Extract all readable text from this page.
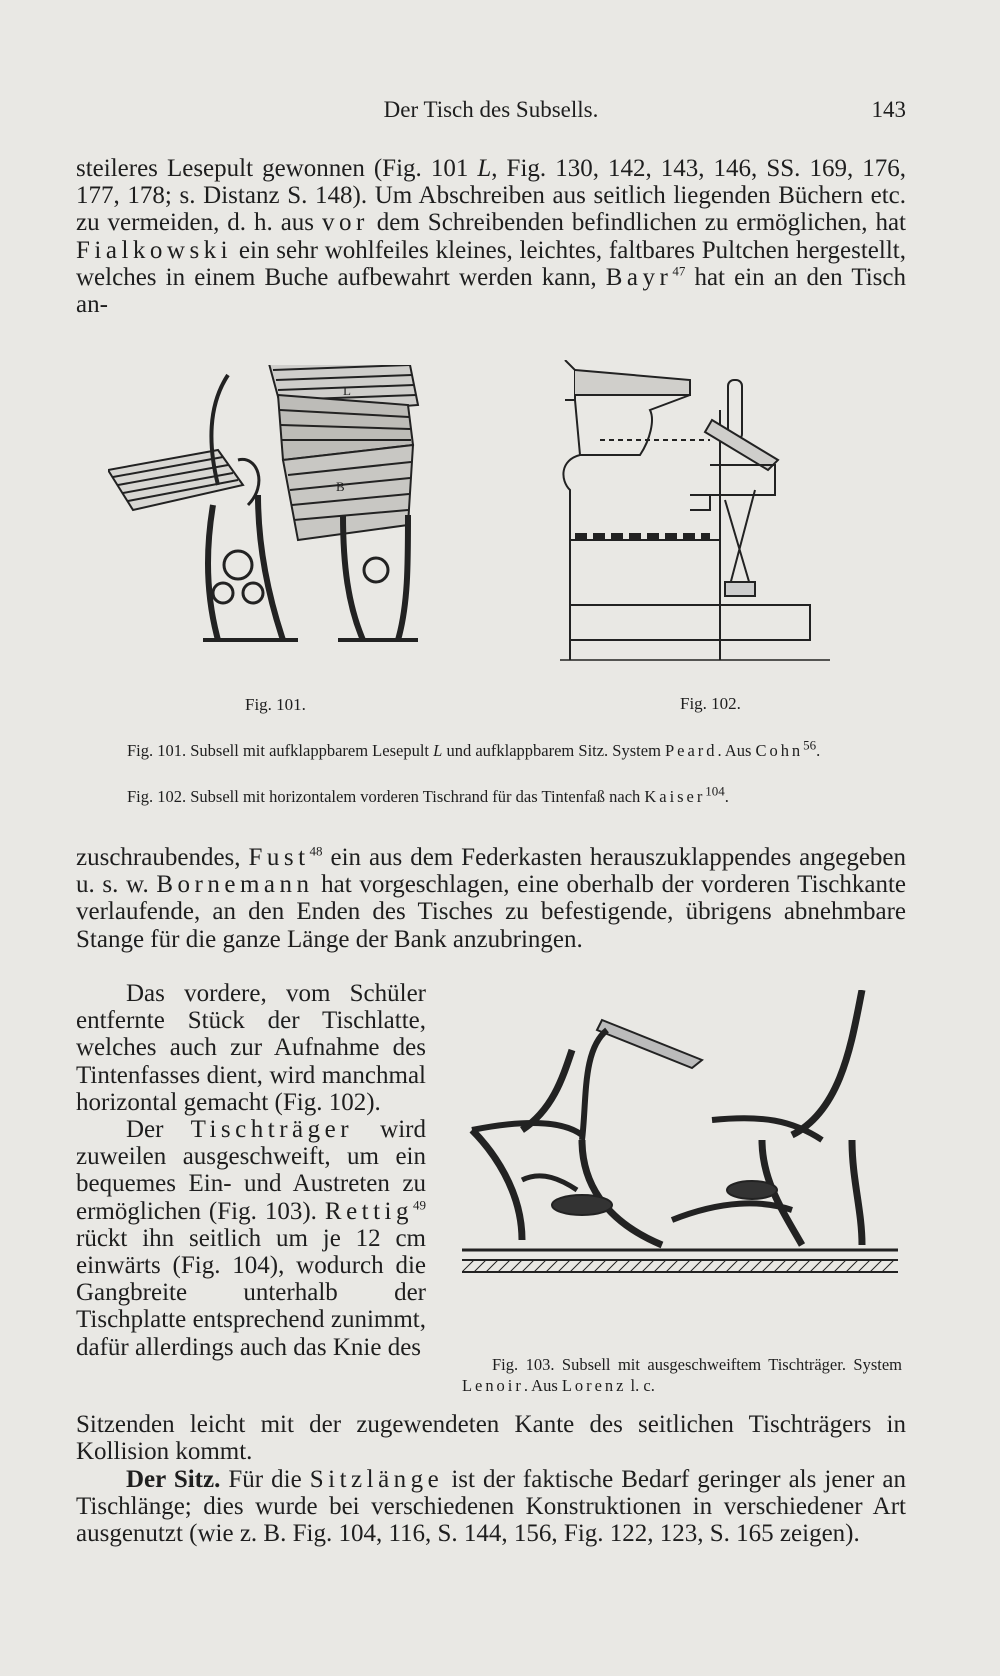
Der Tisch des Subsells.	143

steileres Lesepult gewonnen (Fig. 101 L, Fig. 130, 142, 143, 146, SS. 169, 176, 177, 178; s. Distanz S. 148). Um Abschreiben aus seitlich liegenden Büchern etc. zu vermeiden, d. h. aus vor dem Schreibenden befindlichen zu ermöglichen, hat Fialkowski ein sehr wohlfeiles kleines, leichtes, faltbares Pultchen hergestellt, welches in einem Buche aufbewahrt werden kann, Bayr$^{47}$ hat ein an den Tisch an-

L
B
Fig. 101.	Fig. 102.

Fig. 101. Subsell mit aufklappbarem Lesepult L und aufklappbarem Sitz. System Peard. Aus Cohn$^{56}$.

Fig. 102. Subsell mit horizontalem vorderen Tischrand für das Tintenfaß nach Kaiser$^{104}$.

zuschraubendes, Fust$^{48}$ ein aus dem Federkasten herauszuklappendes angegeben u. s. w. Bornemann hat vorgeschlagen, eine oberhalb der vorderen Tischkante verlaufende, an den Enden des Tisches zu befestigende, übrigens abnehmbare Stange für die ganze Länge der Bank anzubringen.

Das vordere, vom Schüler entfernte Stück der Tischlatte, welches auch zur Aufnahme des Tintenfasses dient, wird manchmal horizontal gemacht (Fig. 102).

Der Tischträger wird zuweilen ausgeschweift, um ein bequemes Ein- und Austreten zu ermöglichen (Fig. 103). Rettig$^{49}$ rückt ihn seitlich um je 12 cm einwärts (Fig. 104), wodurch die Gangbreite unterhalb der Tischplatte entsprechend zunimmt, dafür allerdings auch das Knie des

Fig. 103. Subsell mit ausgeschweiftem Tischträger. System Lenoir. Aus Lorenz l. c.

Sitzenden leicht mit der zugewendeten Kante des seitlichen Tischträgers in Kollision kommt.

Der Sitz. Für die Sitzlänge ist der faktische Bedarf geringer als jener an Tischlänge; dies wurde bei verschiedenen Konstruktionen in verschiedener Art ausgenutzt (wie z. B. Fig. 104, 116, S. 144, 156, Fig. 122, 123, S. 165 zeigen).
